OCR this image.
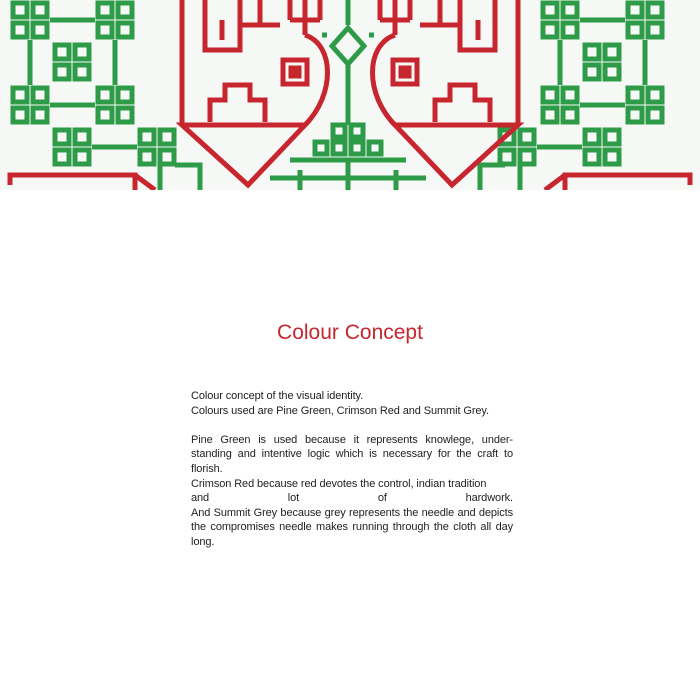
Colour Concept

Colour concept of the visual identity.

Colours used are Pine Green, Crimson Red and Summit Grey.

Pine Green is used because it represents knowlege, under-standing and intentive logic which is necessary for the craft to florish.

Crimson Red because red devotes the control, indian tradition

and lot of hardwork.

And Summit Grey because grey represents the needle and depicts the compromises needle makes running through the cloth all day long.
